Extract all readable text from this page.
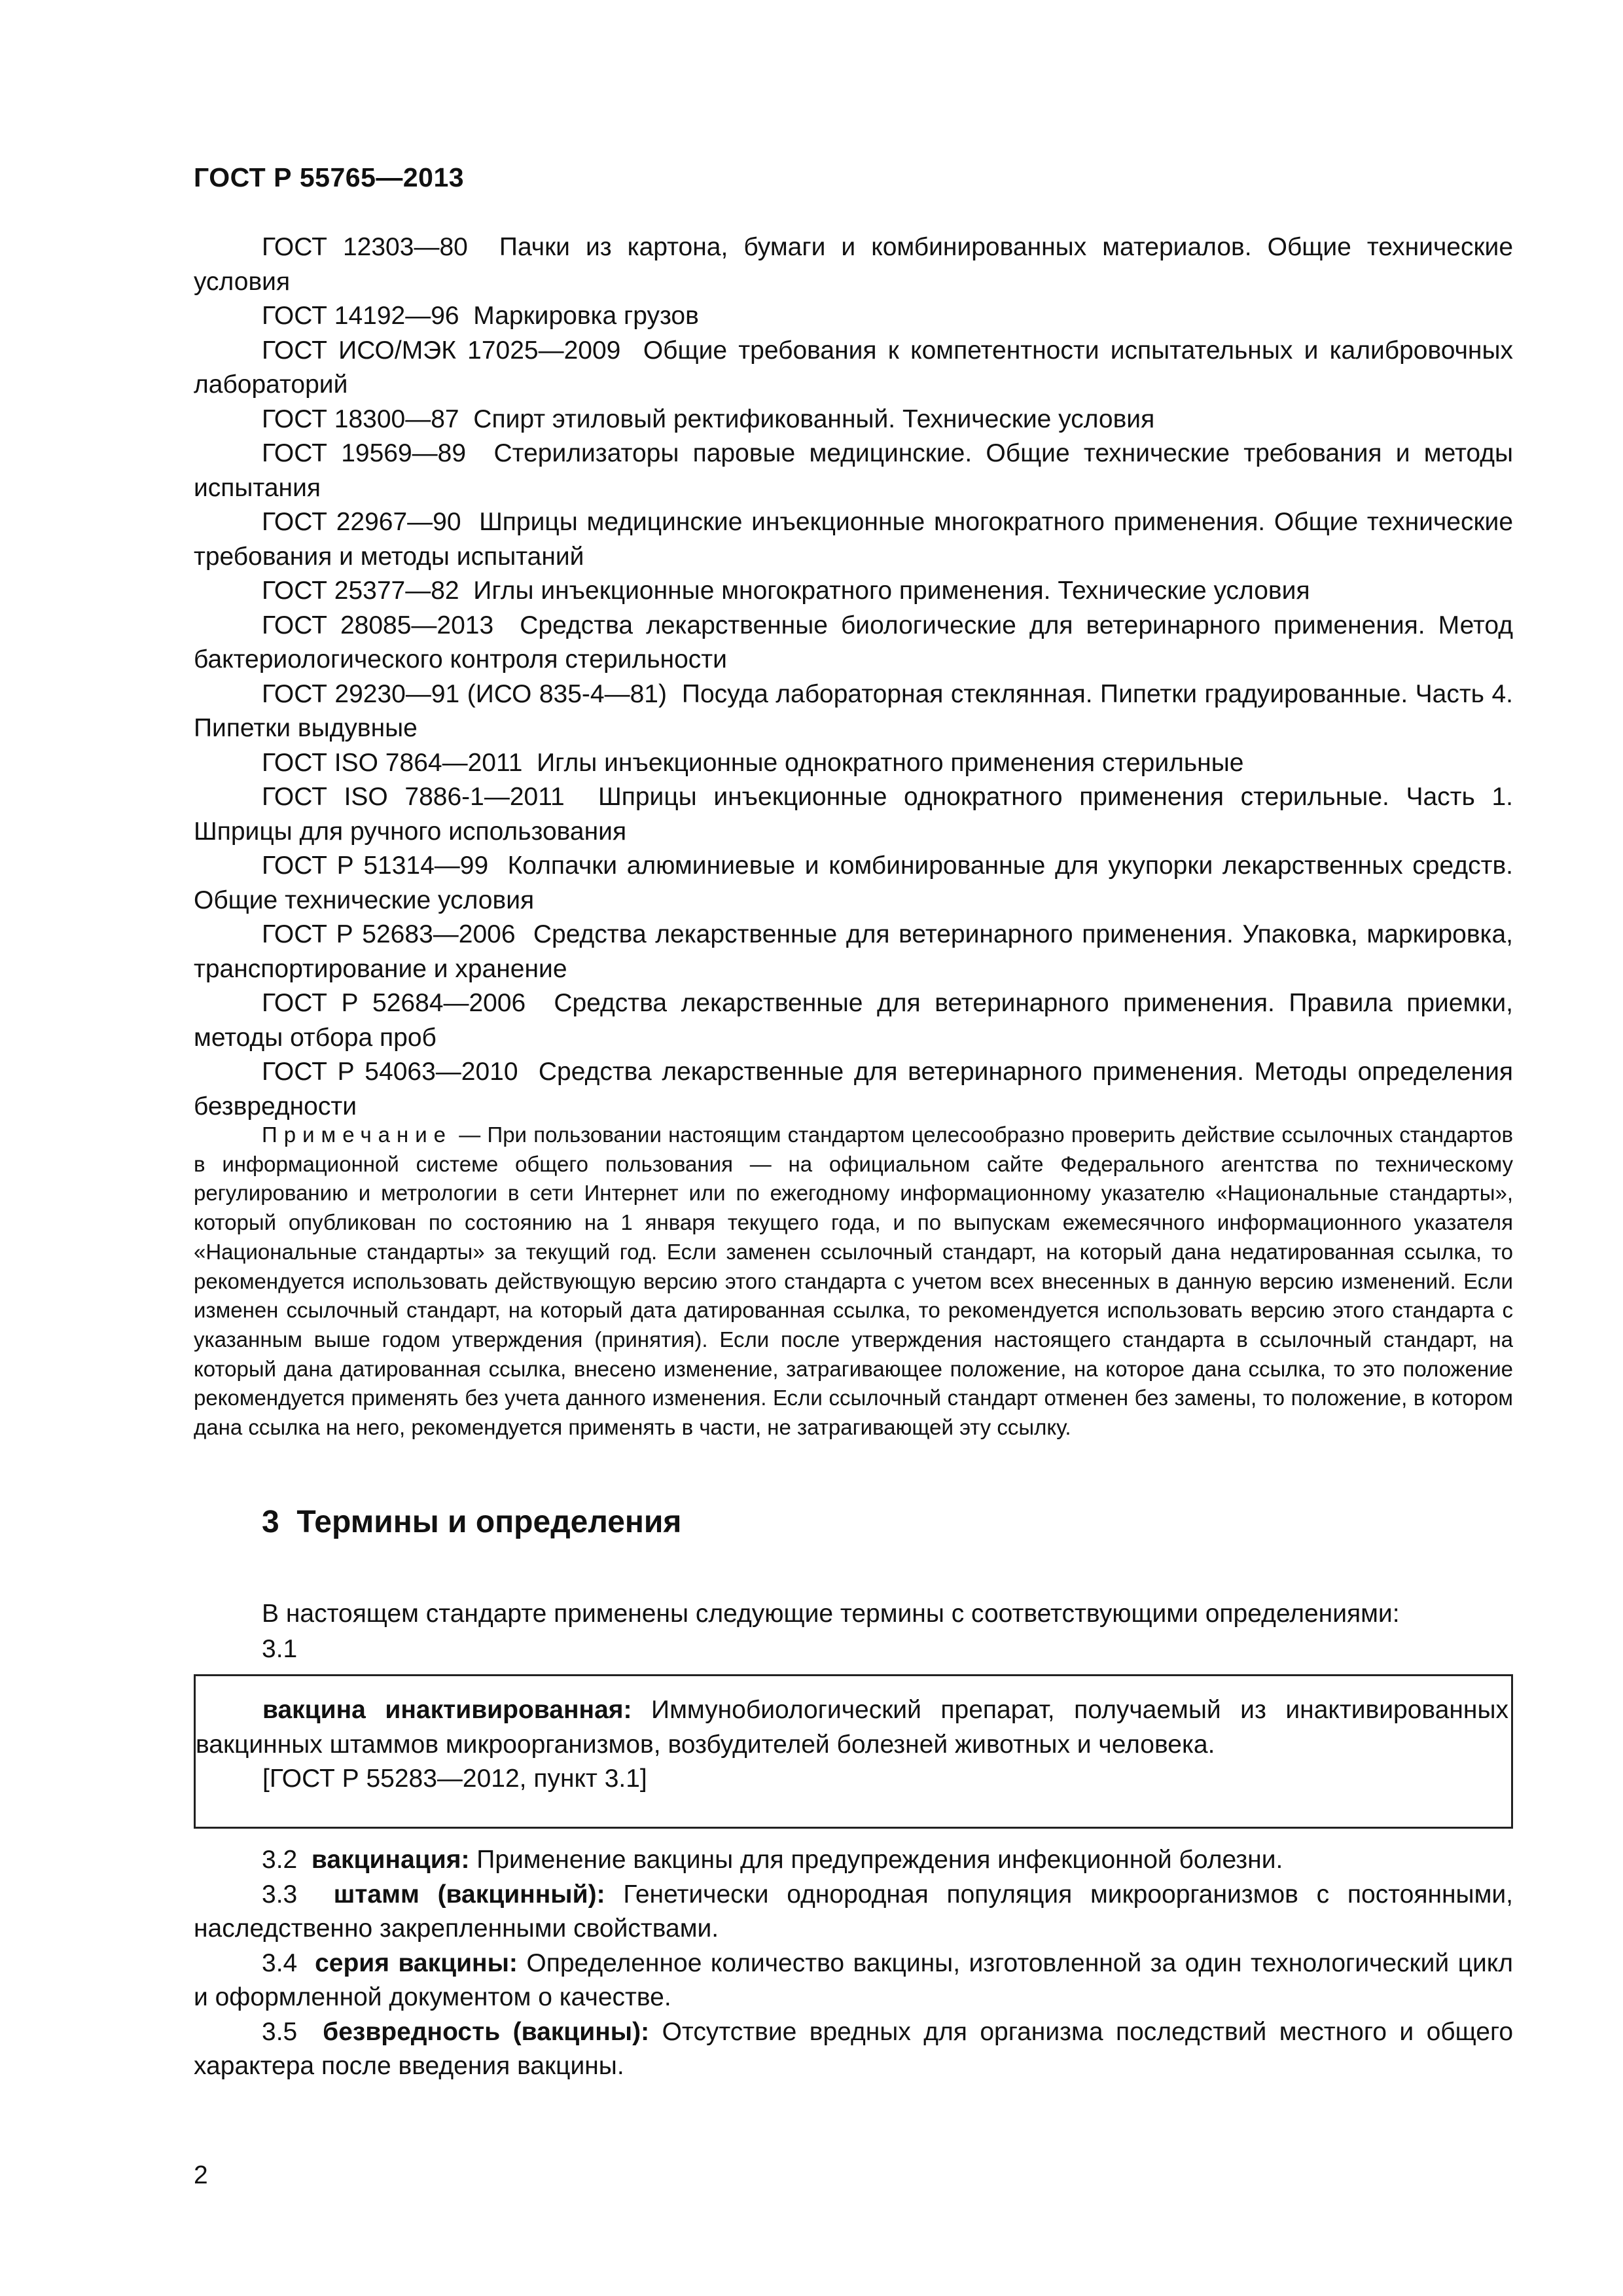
ГОСТ Р 55765—2013

ГОСТ 12303—80 Пачки из картона, бумаги и комбинированных материалов. Общие технические условия

ГОСТ 14192—96 Маркировка грузов

ГОСТ ИСО/МЭК 17025—2009 Общие требования к компетентности испытательных и калибровочных лабораторий

ГОСТ 18300—87 Спирт этиловый ректификованный. Технические условия

ГОСТ 19569—89 Стерилизаторы паровые медицинские. Общие технические требования и методы испытания

ГОСТ 22967—90 Шприцы медицинские инъекционные многократного применения. Общие технические требования и методы испытаний

ГОСТ 25377—82 Иглы инъекционные многократного применения. Технические условия

ГОСТ 28085—2013 Средства лекарственные биологические для ветеринарного применения. Метод бактериологического контроля стерильности

ГОСТ 29230—91 (ИСО 835-4—81) Посуда лабораторная стеклянная. Пипетки градуированные. Часть 4. Пипетки выдувные

ГОСТ ISO 7864—2011 Иглы инъекционные однократного применения стерильные

ГОСТ ISO 7886-1—2011 Шприцы инъекционные однократного применения стерильные. Часть 1. Шприцы для ручного использования

ГОСТ Р 51314—99 Колпачки алюминиевые и комбинированные для укупорки лекарственных средств. Общие технические условия

ГОСТ Р 52683—2006 Средства лекарственные для ветеринарного применения. Упаковка, маркировка, транспортирование и хранение

ГОСТ Р 52684—2006 Средства лекарственные для ветеринарного применения. Правила приемки, методы отбора проб

ГОСТ Р 54063—2010 Средства лекарственные для ветеринарного применения. Методы определения безвредности

Примечание — При пользовании настоящим стандартом целесообразно проверить действие ссылочных стандартов в информационной системе общего пользования — на официальном сайте Федерального агентства по техническому регулированию и метрологии в сети Интернет или по ежегодному информационному указателю «Национальные стандарты», который опубликован по состоянию на 1 января текущего года, и по выпускам ежемесячного информационного указателя «Национальные стандарты» за текущий год. Если заменен ссылочный стандарт, на который дана недатированная ссылка, то рекомендуется использовать действующую версию этого стандарта с учетом всех внесенных в данную версию изменений. Если изменен ссылочный стандарт, на который дата датированная ссылка, то рекомендуется использовать версию этого стандарта с указанным выше годом утверждения (принятия). Если после утверждения настоящего стандарта в ссылочный стандарт, на который дана датированная ссылка, внесено изменение, затрагивающее положение, на которое дана ссылка, то это положение рекомендуется применять без учета данного изменения. Если ссылочный стандарт отменен без замены, то положение, в котором дана ссылка на него, рекомендуется применять в части, не затрагивающей эту ссылку.

3 Термины и определения

В настоящем стандарте применены следующие термины с соответствующими определениями:

3.1

вакцина инактивированная: Иммунобиологический препарат, получаемый из инактивированных вакцинных штаммов микроорганизмов, возбудителей болезней животных и человека.

[ГОСТ Р 55283—2012, пункт 3.1]

3.2 вакцинация: Применение вакцины для предупреждения инфекционной болезни.

3.3 штамм (вакцинный): Генетически однородная популяция микроорганизмов с постоянными, наследственно закрепленными свойствами.

3.4 серия вакцины: Определенное количество вакцины, изготовленной за один технологический цикл и оформленной документом о качестве.

3.5 безвредность (вакцины): Отсутствие вредных для организма последствий местного и общего характера после введения вакцины.

2
